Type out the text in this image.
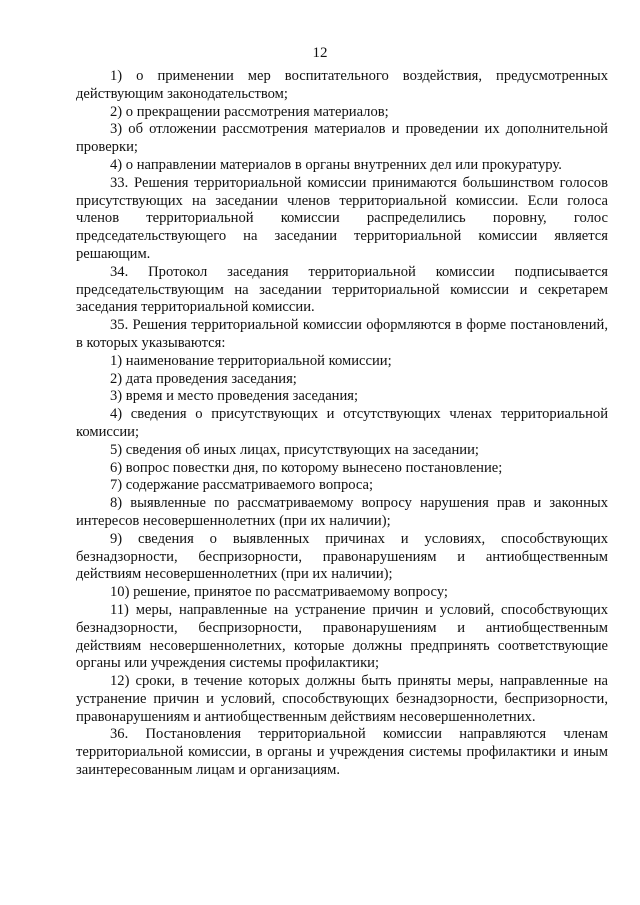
12

1) о применении мер воспитательного воздействия, предусмотренных действующим законодательством;

2) о прекращении рассмотрения материалов;

3) об отложении рассмотрения материалов и проведении их дополнительной проверки;

4) о направлении материалов в органы внутренних дел или прокуратуру.

33. Решения территориальной комиссии принимаются большинством голосов присутствующих на заседании членов территориальной комиссии. Если голоса членов территориальной комиссии распределились поровну, голос председательствующего на заседании территориальной комиссии является решающим.

34. Протокол заседания территориальной комиссии подписывается председательствующим на заседании территориальной комиссии и секретарем заседания территориальной комиссии.

35. Решения территориальной комиссии оформляются в форме постановлений, в которых указываются:

1) наименование территориальной комиссии;

2) дата проведения заседания;

3) время и место проведения заседания;

4) сведения о присутствующих и отсутствующих членах территориальной комиссии;

5) сведения об иных лицах, присутствующих на заседании;

6) вопрос повестки дня, по которому вынесено постановление;

7) содержание рассматриваемого вопроса;

8) выявленные по рассматриваемому вопросу нарушения прав и законных интересов несовершеннолетних (при их наличии);

9) сведения о выявленных причинах и условиях, способствующих безнадзорности, беспризорности, правонарушениям и антиобщественным действиям несовершеннолетних (при их наличии);

10) решение, принятое по рассматриваемому вопросу;

11) меры, направленные на устранение причин и условий, способствующих безнадзорности, беспризорности, правонарушениям и антиобщественным действиям несовершеннолетних, которые должны предпринять соответствующие органы или учреждения системы профилактики;

12) сроки, в течение которых должны быть приняты меры, направленные на устранение причин и условий, способствующих безнадзорности, беспризорности, правонарушениям и антиобщественным действиям несовершеннолетних.

36. Постановления территориальной комиссии направляются членам территориальной комиссии, в органы и учреждения системы профилактики и иным заинтересованным лицам и организациям.
